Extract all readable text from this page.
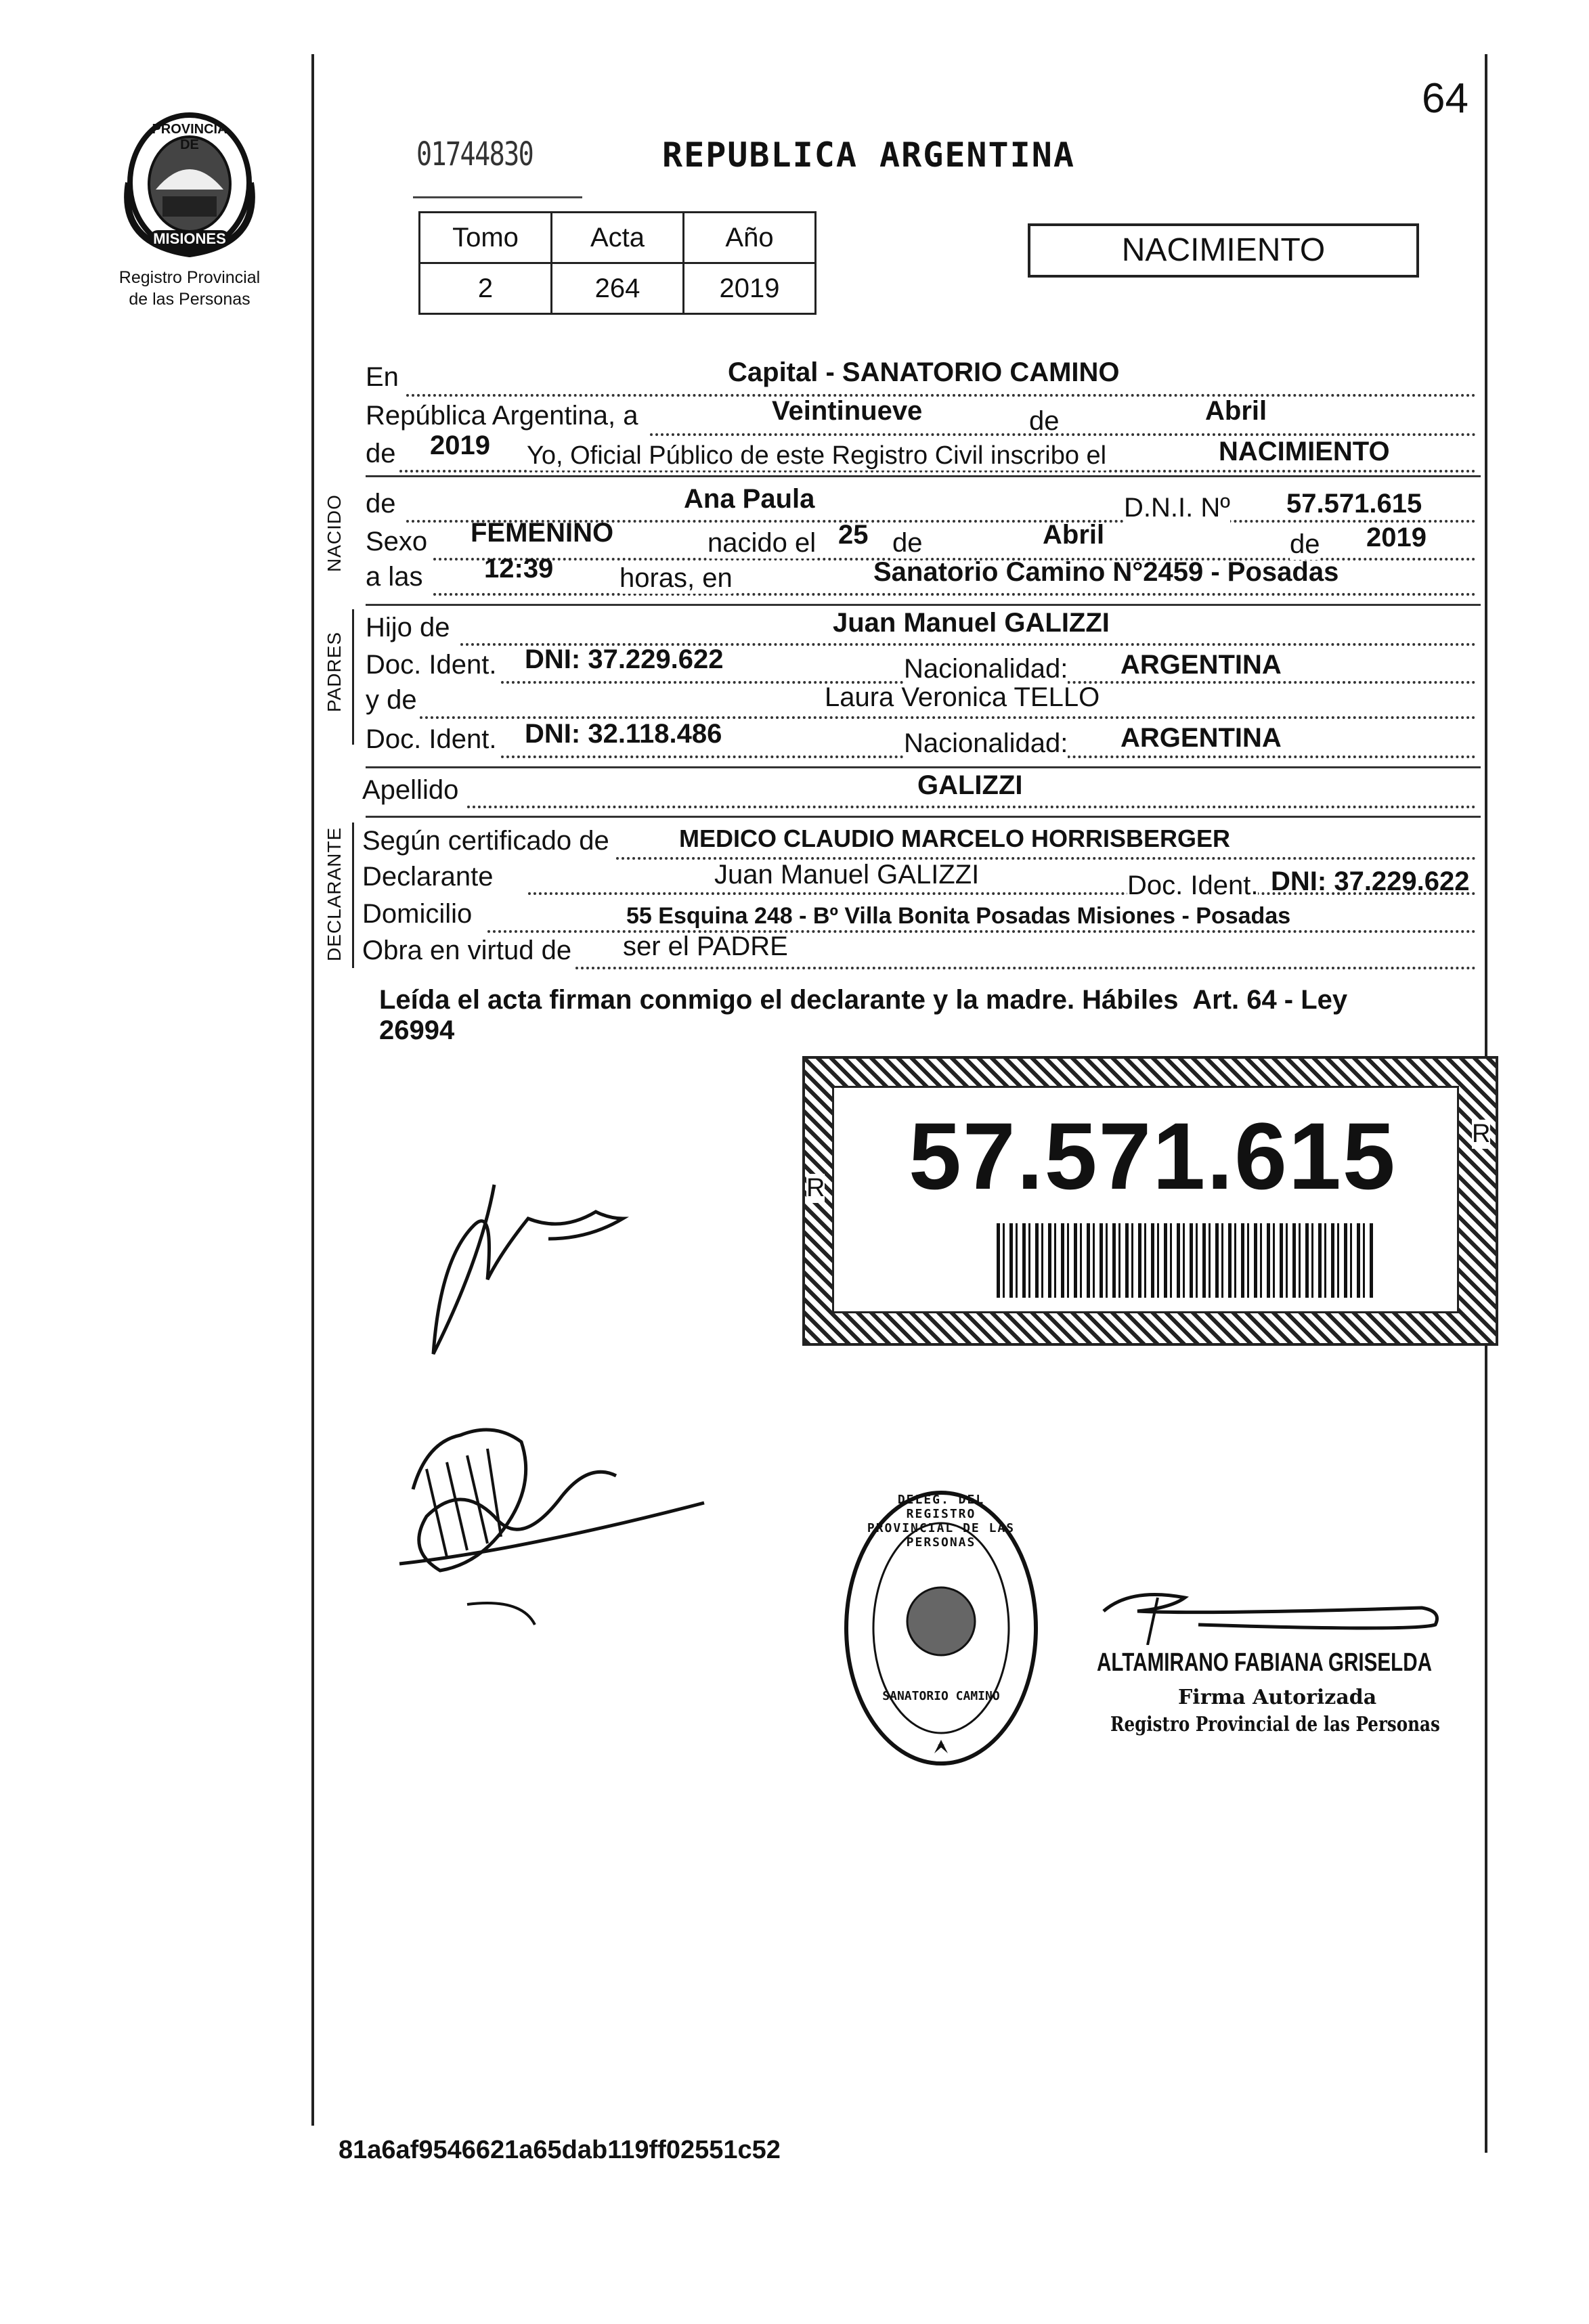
PROVINCIA DE
MISIONES
Registro Provincial
de las Personas
64
01744830	REPUBLICA ARGENTINA
NACIMIENTO
Tomo	Acta	Año
2	264	2019
En	Capital - SANATORIO CAMINO
República Argentina, a	Veintinueve	de	Abril
de 2019 Yo, Oficial Público de este Registro Civil inscribo el	NACIMIENTO
NACIDO de	Ana Paula	D.N.I. Nº 57.571.615
Sexo FEMENINO	nacido el 25 de	Abril	de 2019
a las 12:39 horas, en	Sanatorio Camino N°2459 - Posadas
PADRES
Hijo de	Juan Manuel GALIZZI
Doc. Ident. DNI: 37.229.622	Nacionalidad: ARGENTINA
y de	Laura Veronica TELLO
Doc. Ident. DNI: 32.118.486	Nacionalidad: ARGENTINA
Apellido	GALIZZI
DECLARANTE Según certificado de	MEDICO CLAUDIO MARCELO HORRISBERGER
Declarante	Juan Manuel GALIZZI	Doc. Ident. DNI: 37.229.622
Domicilio	55 Esquina 248 - Bº Villa Bonita Posadas Misiones - Posadas
Obra en virtud de ser el PADRE
Leída el acta firman conmigo el declarante y la madre. Hábiles  Art. 64 - Ley
26994
57.571.615
R
R
DELEG. DEL REGISTRO PROVINCIAL DE LAS PERSONAS
SANATORIO CAMINO
ALTAMIRANO FABIANA GRISELDA
Firma Autorizada
Registro Provincial de las Personas
81a6af9546621a65dab119ff02551c52
